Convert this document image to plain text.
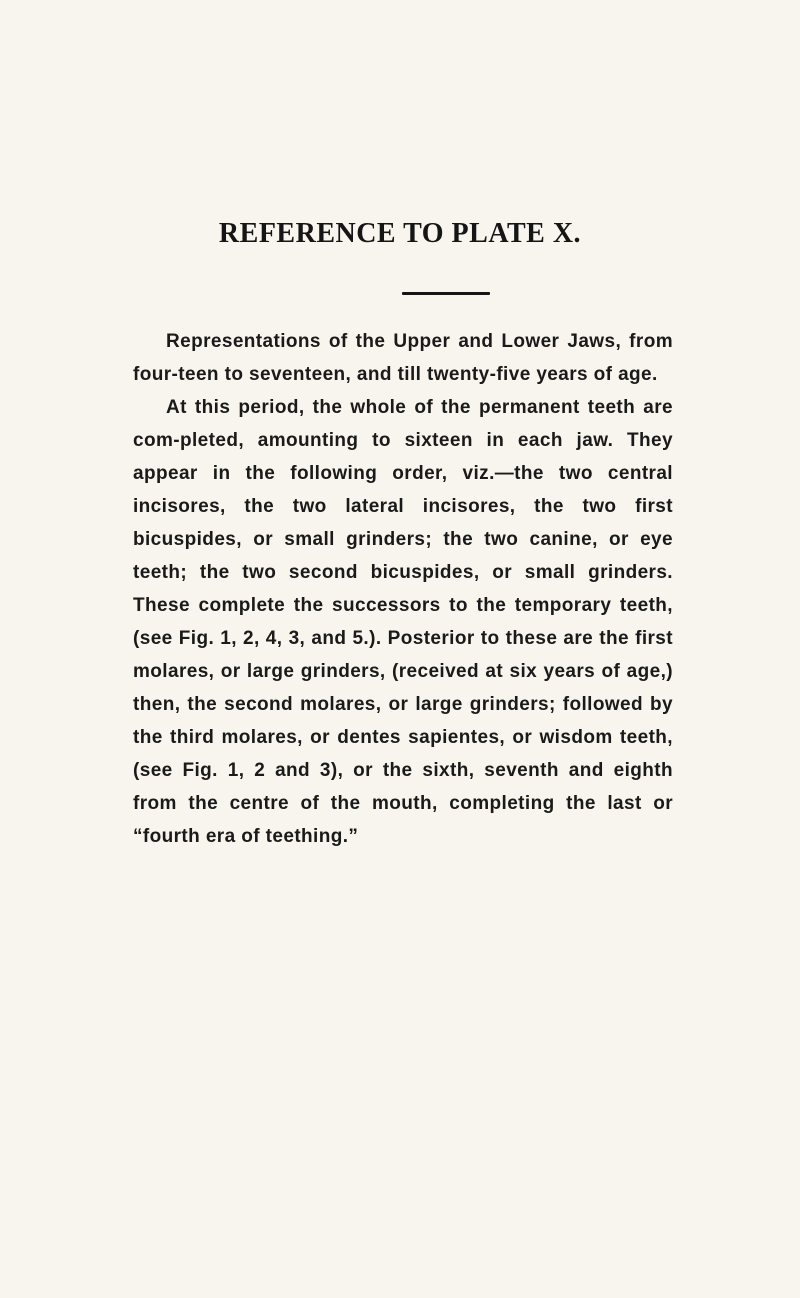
REFERENCE TO PLATE X.

Representations of the Upper and Lower Jaws, from four-teen to seventeen, and till twenty-five years of age.

At this period, the whole of the permanent teeth are com-pleted, amounting to sixteen in each jaw. They appear in the following order, viz.—the two central incisores, the two lateral incisores, the two first bicuspides, or small grinders; the two canine, or eye teeth; the two second bicuspides, or small grinders. These complete the successors to the temporary teeth, (see Fig. 1, 2, 4, 3, and 5.). Posterior to these are the first molares, or large grinders, (received at six years of age,) then, the second molares, or large grinders; followed by the third molares, or dentes sapientes, or wisdom teeth, (see Fig. 1, 2 and 3), or the sixth, seventh and eighth from the centre of the mouth, completing the last or “fourth era of teething.”
